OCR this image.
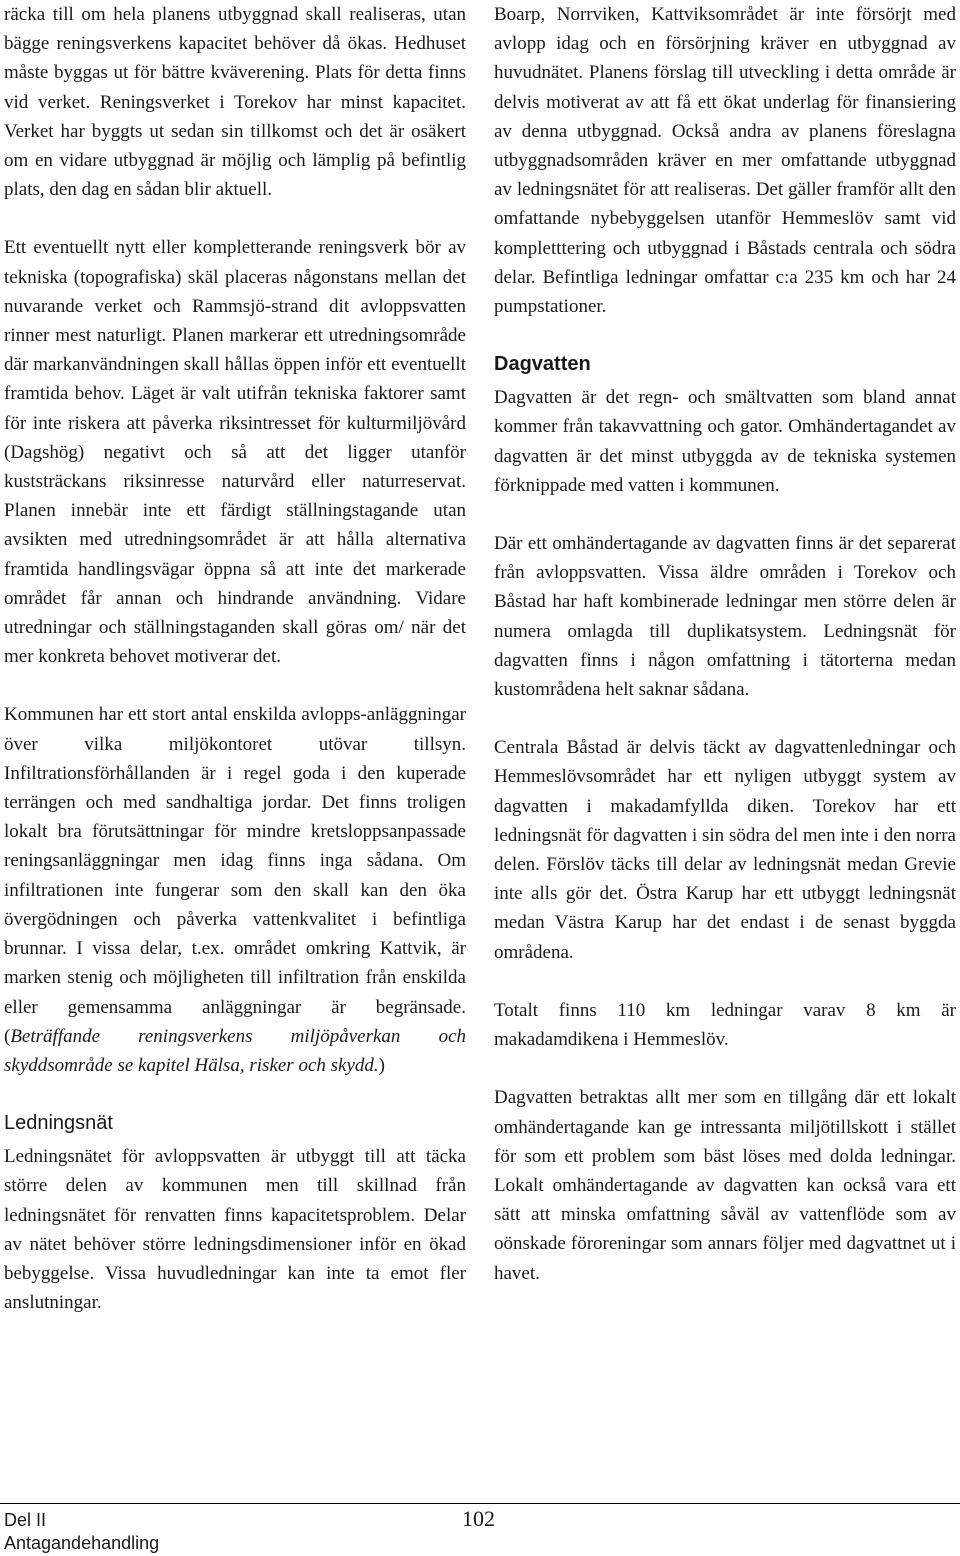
räcka till om hela planens utbyggnad skall realiseras, utan bägge reningsverkens kapacitet behöver då ökas. Hedhuset måste byggas ut för bättre kväverening. Plats för detta finns vid verket. Reningsverket i Torekov har minst kapacitet. Verket har byggts ut sedan sin tillkomst och det är osäkert om en vidare utbyggnad är möjlig och lämplig på befintlig plats, den dag en sådan blir aktuell.

Ett eventuellt nytt eller kompletterande reningsverk bör av tekniska (topografiska) skäl placeras någonstans mellan det nuvarande verket och Rammsjö-strand dit avloppsvatten rinner mest naturligt. Planen markerar ett utredningsområde där markanvändningen skall hållas öppen inför ett eventuellt framtida behov. Läget är valt utifrån tekniska faktorer samt för inte riskera att påverka riksintresset för kulturmiljövård (Dagshög) negativt och så att det ligger utanför kuststräckans riksinresse naturvård eller naturreservat. Planen innebär inte ett färdigt ställningstagande utan avsikten med utredningsområdet är att hålla alternativa framtida handlingsvägar öppna så att inte det markerade området får annan och hindrande användning. Vidare utredningar och ställningstaganden skall göras om/ när det mer konkreta behovet motiverar det.

Kommunen har ett stort antal enskilda avlopps-anläggningar över vilka miljökontoret utövar tillsyn. Infiltrationsförhållanden är i regel goda i den kuperade terrängen och med sandhaltiga jordar. Det finns troligen lokalt bra förutsättningar för mindre kretsloppsanpassade reningsanläggningar men idag finns inga sådana. Om infiltrationen inte fungerar som den skall kan den öka övergödningen och påverka vattenkvalitet i befintliga brunnar. I vissa delar, t.ex. området omkring Kattvik, är marken stenig och möjligheten till infiltration från enskilda eller gemensamma anläggningar är begränsade. (Beträffande reningsverkens miljöpåverkan och skyddsområde se kapitel Hälsa, risker och skydd.)

Ledningsnät

Ledningsnätet för avloppsvatten är utbyggt till att täcka större delen av kommunen men till skillnad från ledningsnätet för renvatten finns kapacitetsproblem. Delar av nätet behöver större ledningsdimensioner inför en ökad bebyggelse. Vissa huvudledningar kan inte ta emot fler anslutningar.

Boarp, Norrviken, Kattviksområdet är inte försörjt med avlopp idag och en försörjning kräver en utbyggnad av huvudnätet. Planens förslag till utveckling i detta område är delvis motiverat av att få ett ökat underlag för finansiering av denna utbyggnad. Också andra av planens föreslagna utbyggnadsområden kräver en mer omfattande utbyggnad av ledningsnätet för att realiseras. Det gäller framför allt den omfattande nybebyggelsen utanför Hemmeslöv samt vid kompletttering och utbyggnad i Båstads centrala och södra delar. Befintliga ledningar omfattar c:a 235 km och har 24 pumpstationer.

Dagvatten

Dagvatten är det regn- och smältvatten som bland annat kommer från takavvattning och gator. Omhändertagandet av dagvatten är det minst utbyggda av de tekniska systemen förknippade med vatten i kommunen.

Där ett omhändertagande av dagvatten finns är det separerat från avloppsvatten. Vissa äldre områden i Torekov och Båstad har haft kombinerade ledningar men större delen är numera omlagda till duplikatsystem. Ledningsnät för dagvatten finns i någon omfattning i tätorterna medan kustområdena helt saknar sådana.

Centrala Båstad är delvis täckt av dagvattenledningar och Hemmeslövsområdet har ett nyligen utbyggt system av dagvatten i makadamfyllda diken. Torekov har ett ledningsnät för dagvatten i sin södra del men inte i den norra delen. Förslöv täcks till delar av ledningsnät medan Grevie inte alls gör det. Östra Karup har ett utbyggt ledningsnät medan Västra Karup har det endast i de senast byggda områdena.

Totalt finns 110 km ledningar varav 8 km är makadamdikena i Hemmeslöv.

Dagvatten betraktas allt mer som en tillgång där ett lokalt omhändertagande kan ge intressanta miljötillskott i stället för som ett problem som bäst löses med dolda ledningar. Lokalt omhändertagande av dagvatten kan också vara ett sätt att minska omfattning såväl av vattenflöde som av oönskade föroreningar som annars följer med dagvattnet ut i havet.

Del II
Antagandehandling
102
